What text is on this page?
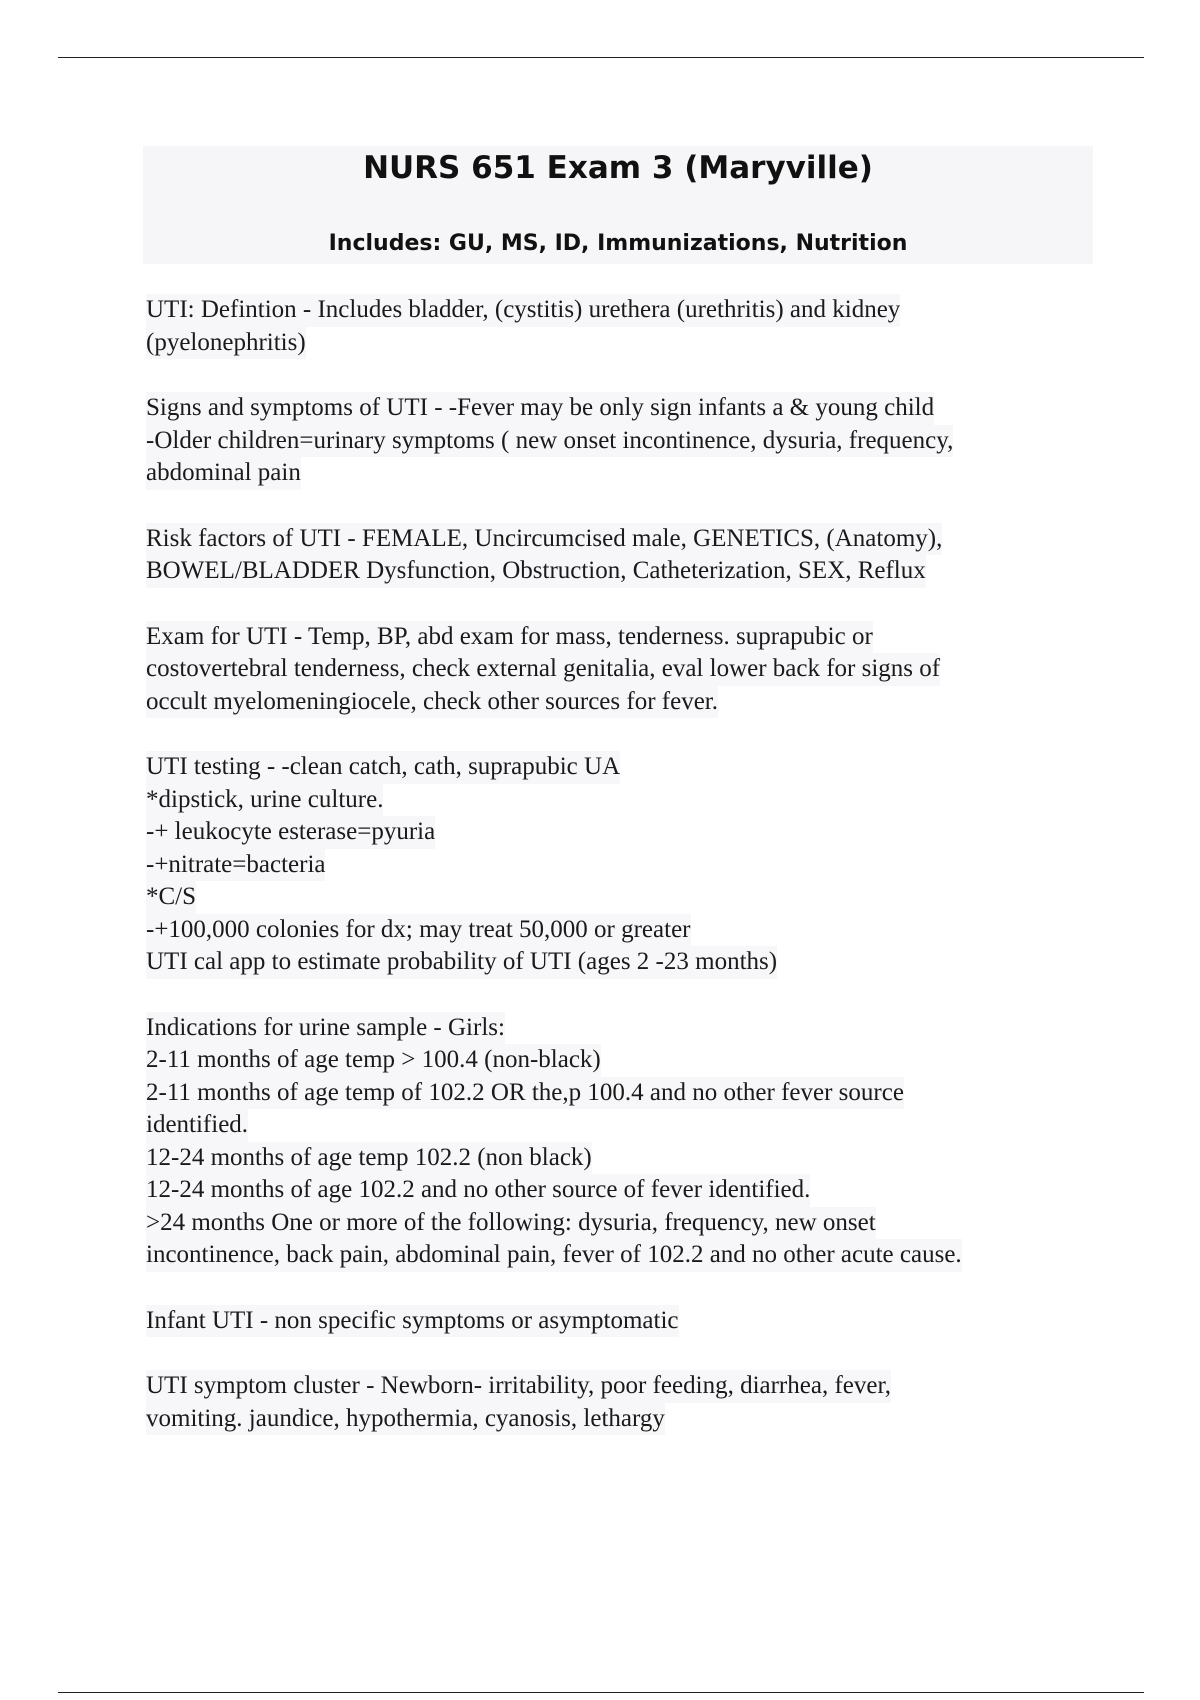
NURS 651 Exam 3 (Maryville)
Includes: GU, MS, ID, Immunizations, Nutrition
UTI: Defintion - Includes bladder, (cystitis) urethera (urethritis) and kidney
(pyelonephritis)
Signs and symptoms of UTI - -Fever may be only sign infants a & young child
-Older children=urinary symptoms ( new onset incontinence, dysuria, frequency,
abdominal pain
Risk factors of UTI - FEMALE, Uncircumcised male, GENETICS, (Anatomy),
BOWEL/BLADDER Dysfunction, Obstruction, Catheterization, SEX, Reflux
Exam for UTI - Temp, BP, abd exam for mass, tenderness. suprapubic or
costovertebral tenderness, check external genitalia, eval lower back for signs of
occult myelomeningiocele, check other sources for fever.
UTI testing - -clean catch, cath, suprapubic UA
*dipstick, urine culture.
-+ leukocyte esterase=pyuria
-+nitrate=bacteria
*C/S
-+100,000 colonies for dx; may treat 50,000 or greater
UTI cal app to estimate probability of UTI (ages 2 -23 months)
Indications for urine sample - Girls:
2-11 months of age temp > 100.4 (non-black)
2-11 months of age temp of 102.2 OR the,p 100.4 and no other fever source
identified.
12-24 months of age temp 102.2 (non black)
12-24 months of age 102.2 and no other source of fever identified.
>24 months One or more of the following: dysuria, frequency, new onset
incontinence, back pain, abdominal pain, fever of 102.2 and no other acute cause.
Infant UTI - non specific symptoms or asymptomatic
UTI symptom cluster - Newborn- irritability, poor feeding, diarrhea, fever,
vomiting. jaundice, hypothermia, cyanosis, lethargy
